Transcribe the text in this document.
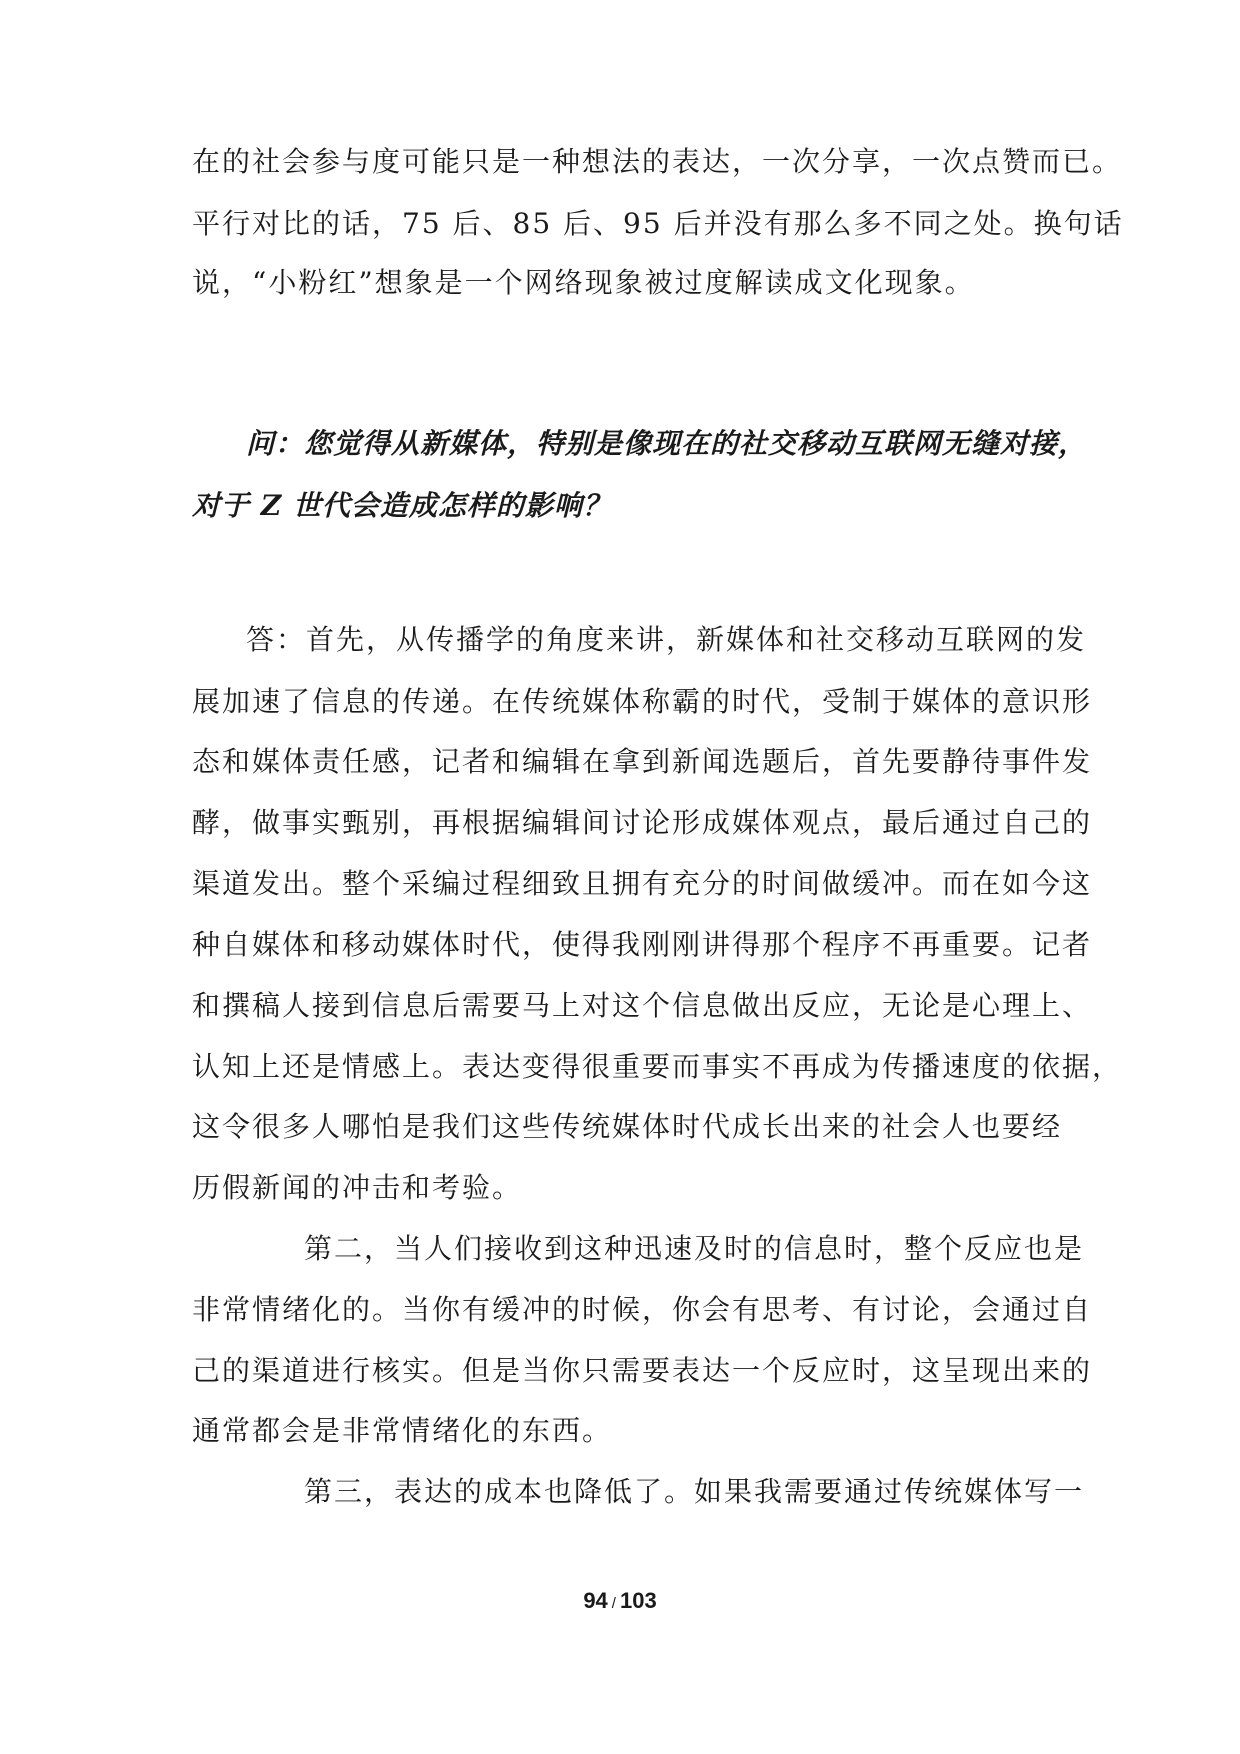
在的社会参与度可能只是一种想法的表达，一次分享，一次点赞而已。
平行对比的话，75 后、85 后、95 后并没有那么多不同之处。换句话
说，“小粉红”想象是一个网络现象被过度解读成文化现象。
问：您觉得从新媒体，特别是像现在的社交移动互联网无缝对接，
对于 Z 世代会造成怎样的影响？
答：首先，从传播学的角度来讲，新媒体和社交移动互联网的发
展加速了信息的传递。在传统媒体称霸的时代，受制于媒体的意识形
态和媒体责任感，记者和编辑在拿到新闻选题后，首先要静待事件发
酵，做事实甄别，再根据编辑间讨论形成媒体观点，最后通过自己的
渠道发出。整个采编过程细致且拥有充分的时间做缓冲。而在如今这
种自媒体和移动媒体时代，使得我刚刚讲得那个程序不再重要。记者
和撰稿人接到信息后需要马上对这个信息做出反应，无论是心理上、
认知上还是情感上。表达变得很重要而事实不再成为传播速度的依据，
这令很多人哪怕是我们这些传统媒体时代成长出来的社会人也要经
历假新闻的冲击和考验。
第二，当人们接收到这种迅速及时的信息时，整个反应也是
非常情绪化的。当你有缓冲的时候，你会有思考、有讨论，会通过自
己的渠道进行核实。但是当你只需要表达一个反应时，这呈现出来的
通常都会是非常情绪化的东西。
第三，表达的成本也降低了。如果我需要通过传统媒体写一
94 / 103
